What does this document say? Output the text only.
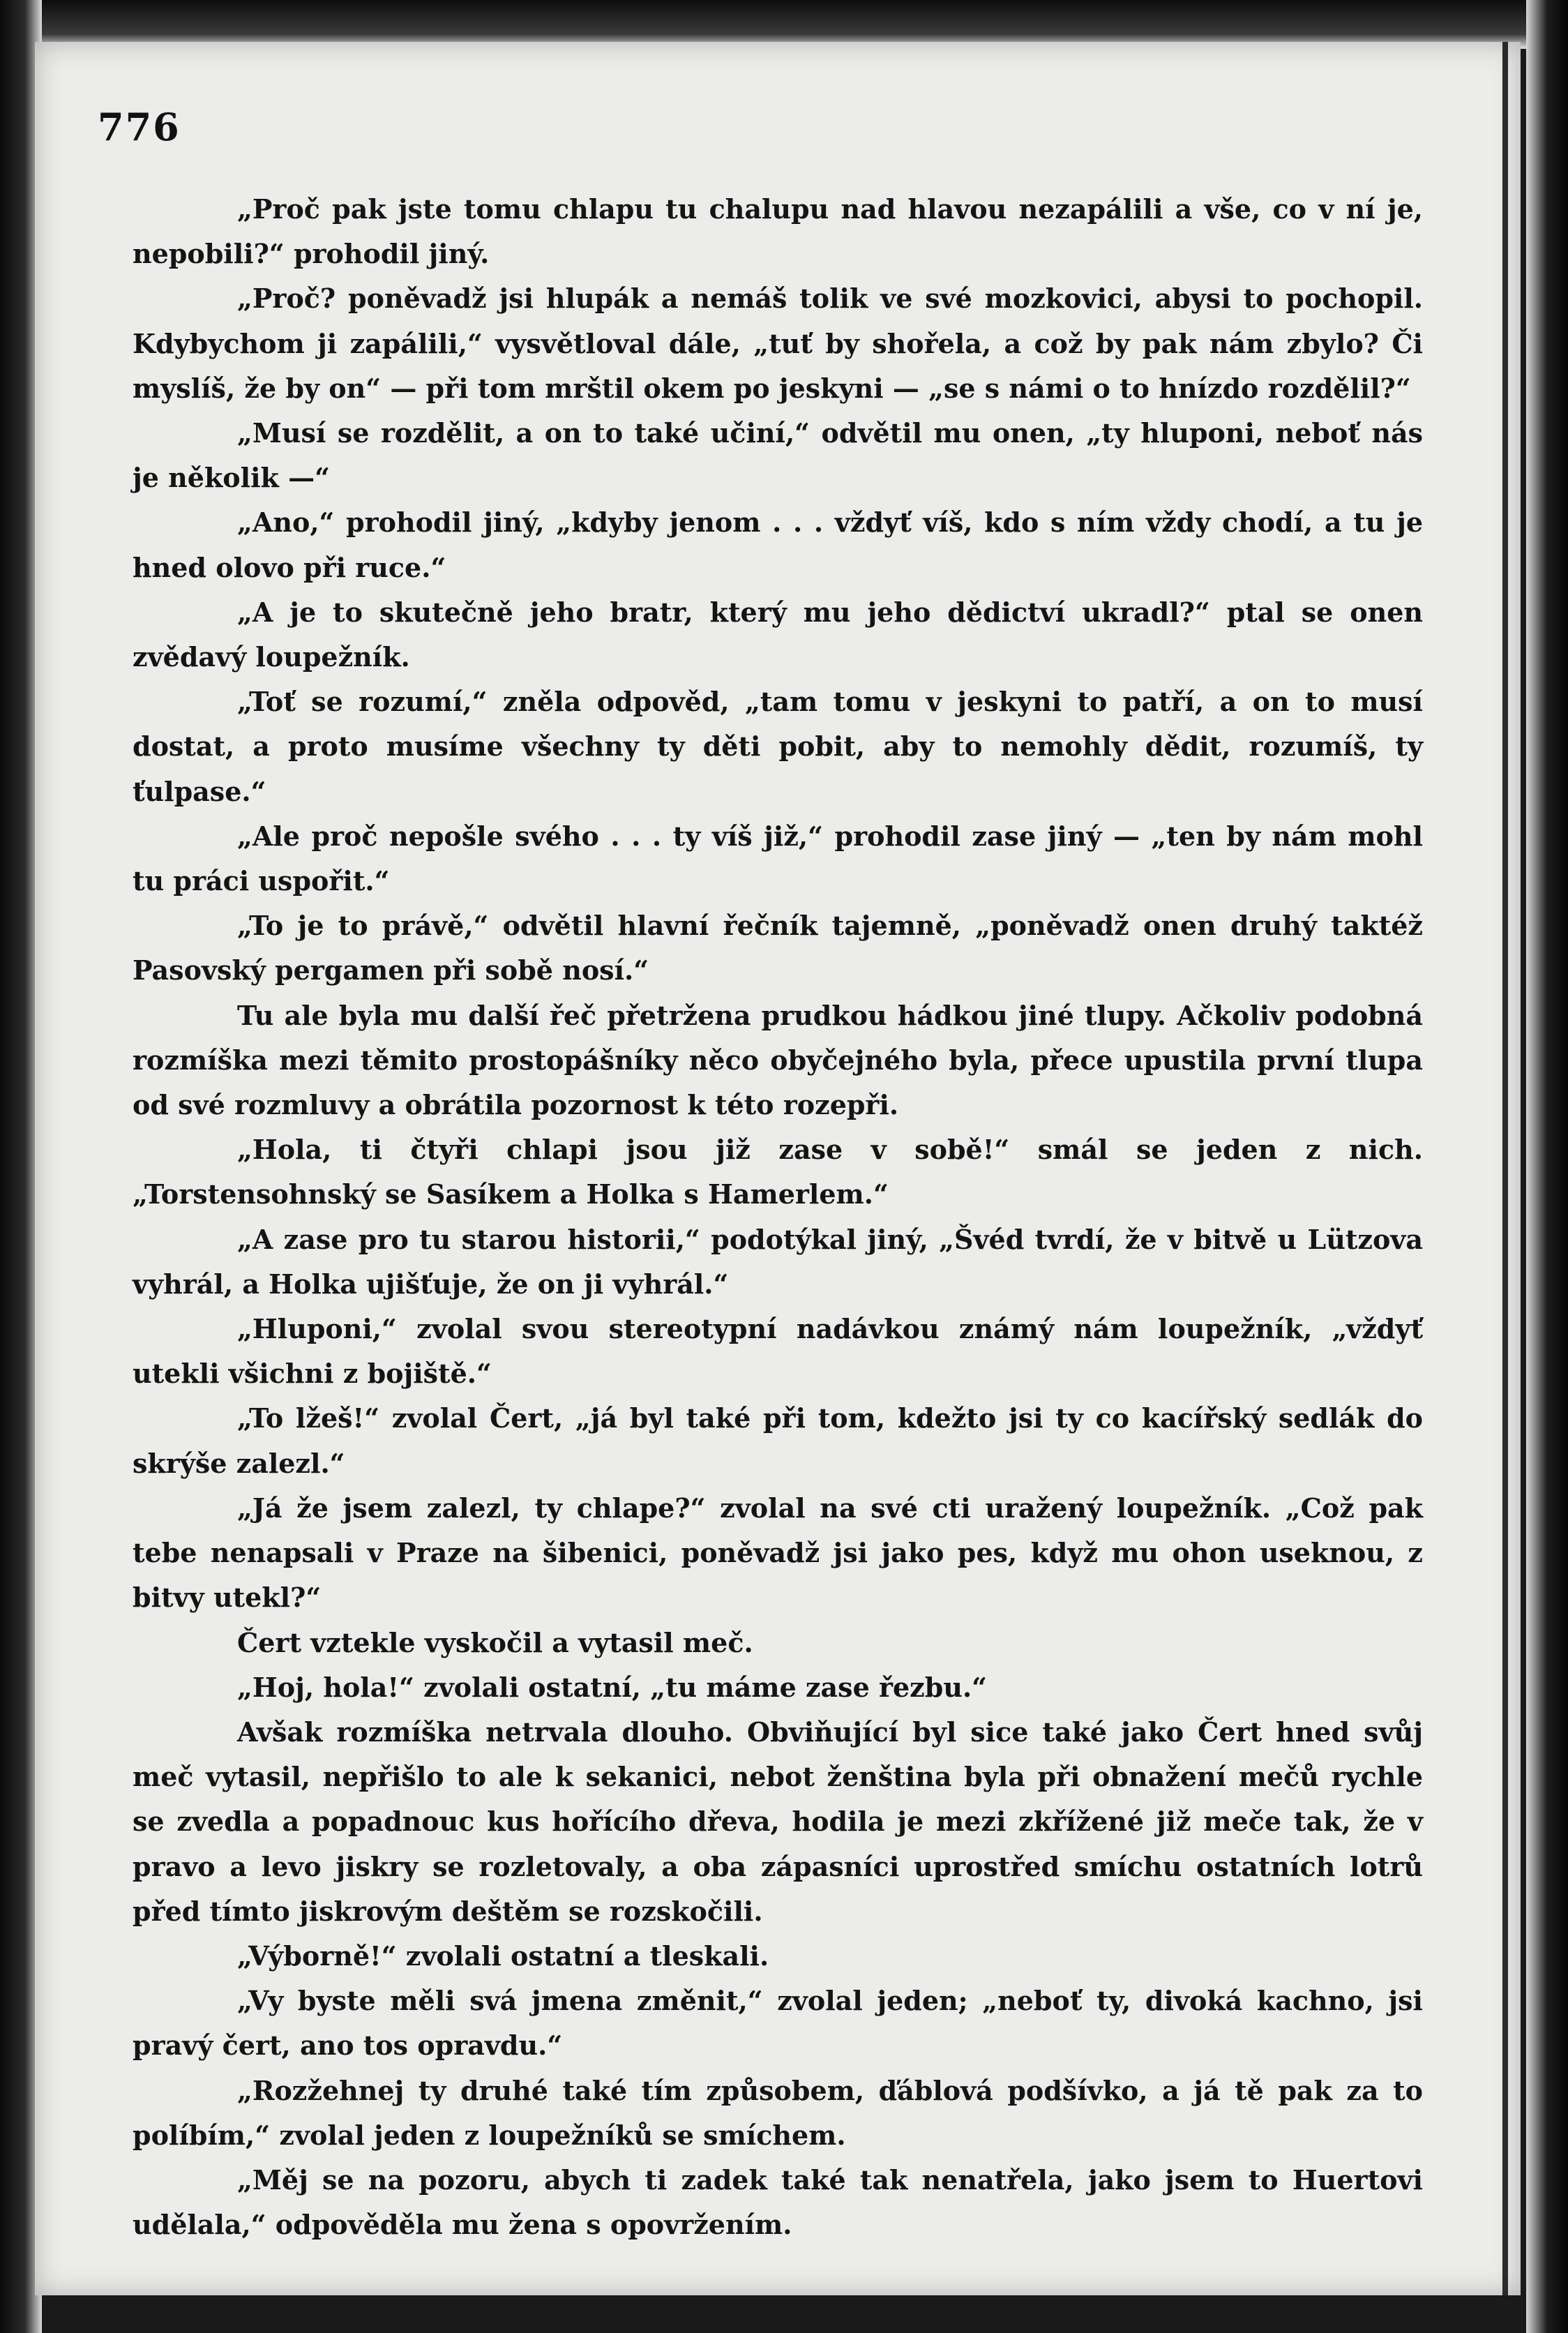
776

„Proč pak jste tomu chlapu tu chalupu nad hlavou nezapálili a vše, co v ní je, nepobili?“ prohodil jiný.

„Proč? poněvadž jsi hlupák a nemáš tolik ve své mozkovici, abysi to pochopil. Kdybychom ji zapálili,“ vysvětloval dále, „tuť by shořela, a což by pak nám zbylo? Či myslíš, že by on“ — při tom mrštil okem po jeskyni — „se s námi o to hnízdo rozdělil?“

„Musí se rozdělit, a on to také učiní,“ odvětil mu onen, „ty hluponi, neboť nás je několik —“

„Ano,“ prohodil jiný, „kdyby jenom . . . vždyť víš, kdo s ním vždy chodí, a tu je hned olovo při ruce.“

„A je to skutečně jeho bratr, který mu jeho dědictví ukradl?“ ptal se onen zvědavý loupežník.

„Toť se rozumí,“ zněla odpověd, „tam tomu v jeskyni to patří, a on to musí dostat, a proto musíme všechny ty děti pobit, aby to nemohly dědit, rozumíš, ty ťulpase.“

„Ale proč nepošle svého . . . ty víš již,“ prohodil zase jiný — „ten by nám mohl tu práci uspořit.“

„To je to právě,“ odvětil hlavní řečník tajemně, „poněvadž onen druhý taktéž Pasovský pergamen při sobě nosí.“

Tu ale byla mu další řeč přetržena prudkou hádkou jiné tlupy. Ačkoliv podobná rozmíška mezi těmito prostopášníky něco obyčejného byla, přece upustila první tlupa od své rozmluvy a obrátila pozornost k této rozepři.

„Hola, ti čtyři chlapi jsou již zase v sobě!“ smál se jeden z nich. „Torstensohnský se Sasíkem a Holka s Hamerlem.“

„A zase pro tu starou historii,“ podotýkal jiný, „Švéd tvrdí, že v bitvě u Lützova vyhrál, a Holka ujišťuje, že on ji vyhrál.“

„Hluponi,“ zvolal svou stereotypní nadávkou známý nám loupežník, „vždyť utekli všichni z bojiště.“

„To lžeš!“ zvolal Čert, „já byl také při tom, kdežto jsi ty co kacířský sedlák do skrýše zalezl.“

„Já že jsem zalezl, ty chlape?“ zvolal na své cti uražený loupežník. „Což pak tebe nenapsali v Praze na šibenici, poněvadž jsi jako pes, když mu ohon useknou, z bitvy utekl?“

Čert vztekle vyskočil a vytasil meč.

„Hoj, hola!“ zvolali ostatní, „tu máme zase řezbu.“

Avšak rozmíška netrvala dlouho. Obviňující byl sice také jako Čert hned svůj meč vytasil, nepřišlo to ale k sekanici, nebot ženština byla při obnažení mečů rychle se zvedla a popadnouc kus hořícího dřeva, hodila je mezi zkřížené již meče tak, že v pravo a levo jiskry se rozletovaly, a oba zápasníci uprostřed smíchu ostatních lotrů před tímto jiskrovým deštěm se rozskočili.

„Výborně!“ zvolali ostatní a tleskali.

„Vy byste měli svá jmena změnit,“ zvolal jeden; „neboť ty, divoká kachno, jsi pravý čert, ano tos opravdu.“

„Rozžehnej ty druhé také tím způsobem, ďáblová podšívko, a já tě pak za to políbím,“ zvolal jeden z loupežníků se smíchem.

„Měj se na pozoru, abych ti zadek také tak nenatřela, jako jsem to Huertovi udělala,“ odpověděla mu žena s opovržením.
